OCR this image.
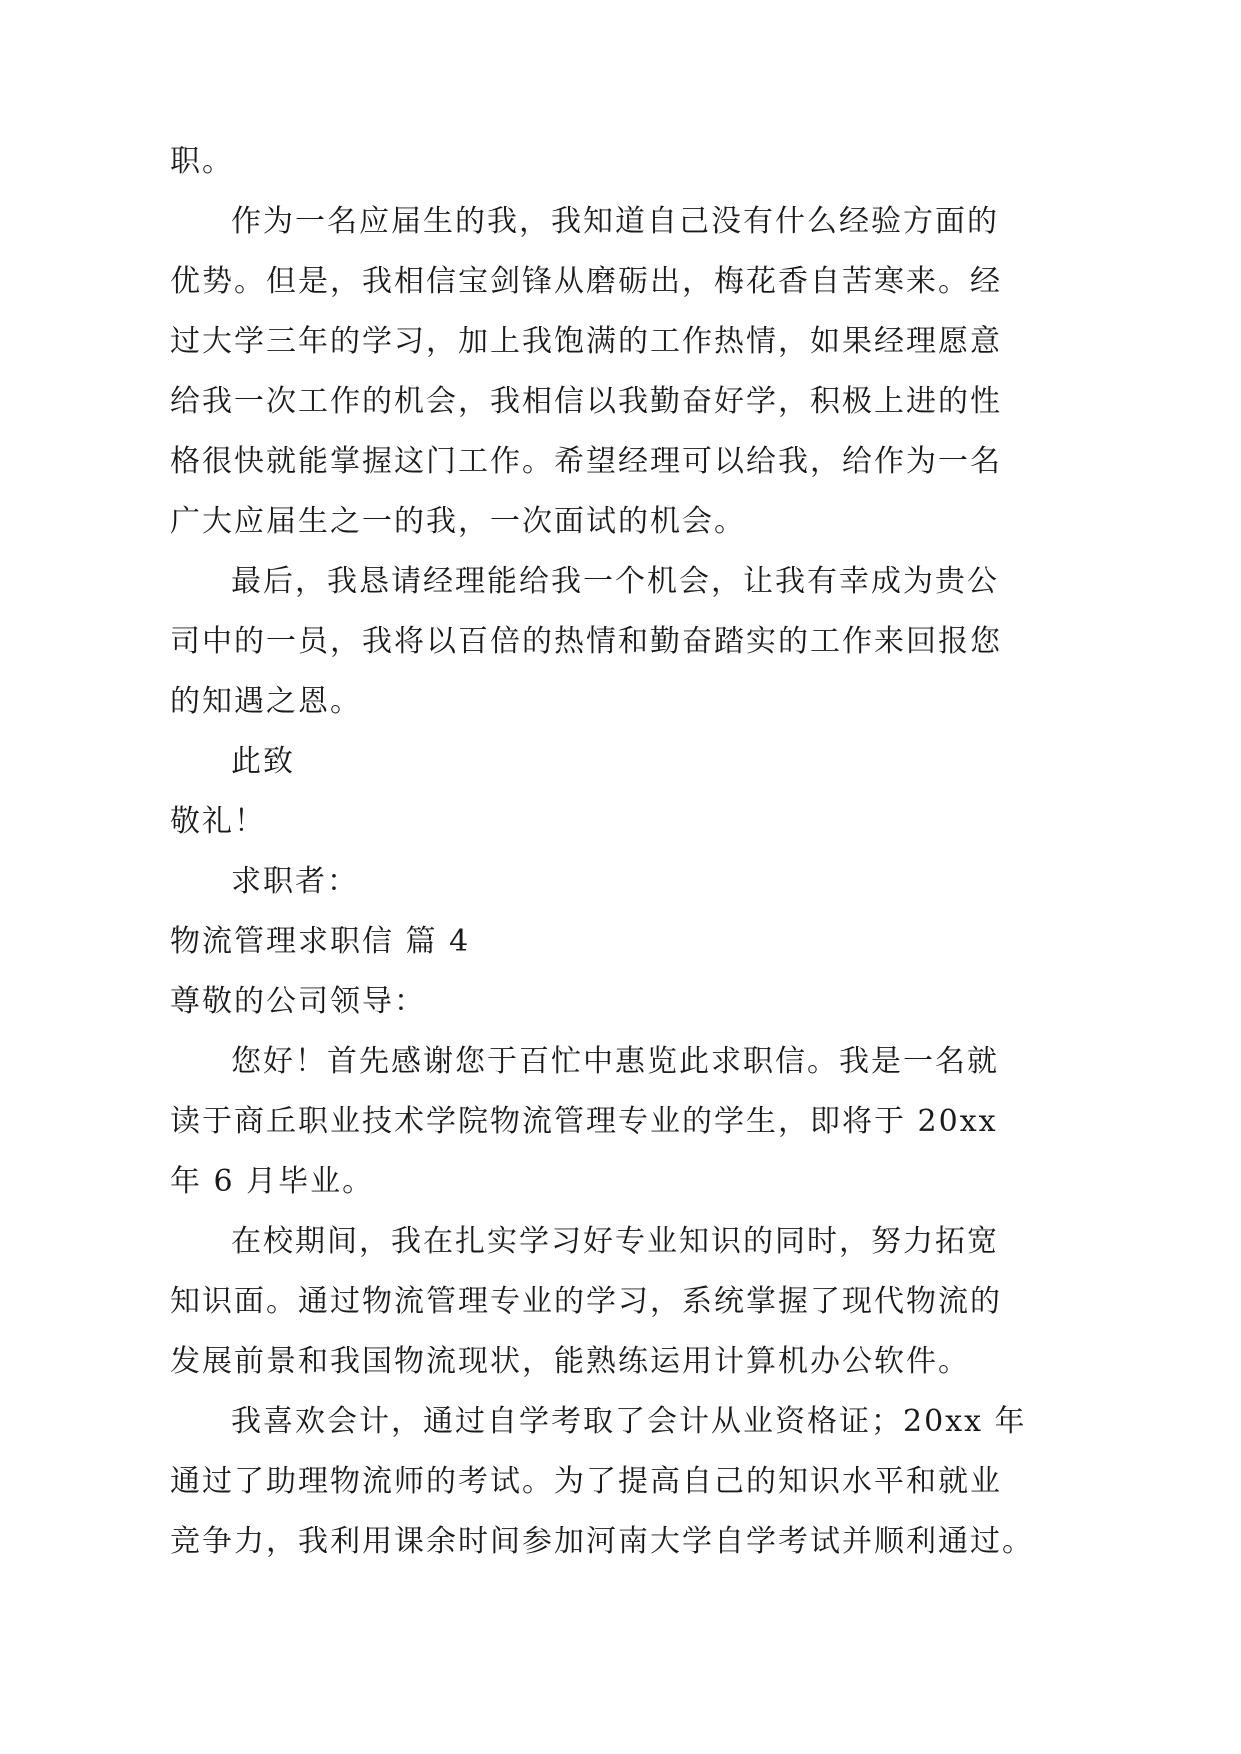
职。

作为一名应届生的我，我知道自己没有什么经验方面的

优势。但是，我相信宝剑锋从磨砺出，梅花香自苦寒来。经

过大学三年的学习，加上我饱满的工作热情，如果经理愿意

给我一次工作的机会，我相信以我勤奋好学，积极上进的性

格很快就能掌握这门工作。希望经理可以给我，给作为一名

广大应届生之一的我，一次面试的机会。

最后，我恳请经理能给我一个机会，让我有幸成为贵公

司中的一员，我将以百倍的热情和勤奋踏实的工作来回报您

的知遇之恩。

此致

敬礼！

求职者：

物流管理求职信 篇 4

尊敬的公司领导：

您好！首先感谢您于百忙中惠览此求职信。我是一名就

读于商丘职业技术学院物流管理专业的学生，即将于 20xx

年 6 月毕业。

在校期间，我在扎实学习好专业知识的同时，努力拓宽

知识面。通过物流管理专业的学习，系统掌握了现代物流的

发展前景和我国物流现状，能熟练运用计算机办公软件。

我喜欢会计，通过自学考取了会计从业资格证；20xx 年

通过了助理物流师的考试。为了提高自己的知识水平和就业

竞争力，我利用课余时间参加河南大学自学考试并顺利通过。
